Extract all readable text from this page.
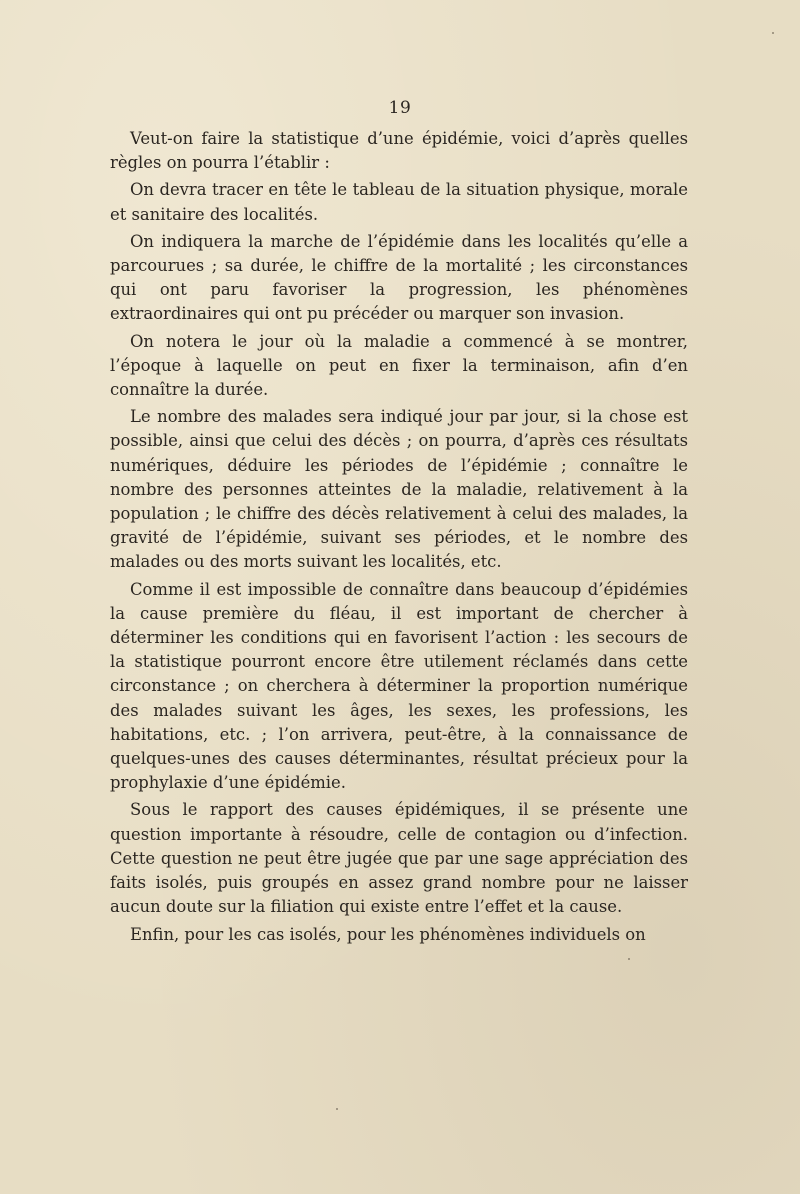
19

Veut-on faire la statistique d’une épidémie, voici d’après quelles règles on pourra l’établir :

On devra tracer en tête le tableau de la situation physique, morale et sanitaire des localités.

On indiquera la marche de l’épidémie dans les localités qu’elle a parcourues ; sa durée, le chiffre de la mortalité ; les circonstances qui ont paru favoriser la progression, les phénomènes extraordinaires qui ont pu précéder ou marquer son invasion.

On notera le jour où la maladie a commencé à se montrer, l’époque à laquelle on peut en fixer la terminaison, afin d’en connaître la durée.

Le nombre des malades sera indiqué jour par jour, si la chose est possible, ainsi que celui des décès ; on pourra, d’après ces résultats numériques, déduire les périodes de l’épidémie ; connaître le nombre des personnes atteintes de la maladie, relativement à la population ; le chiffre des décès relativement à celui des malades, la gravité de l’épidémie, suivant ses périodes, et le nombre des malades ou des morts suivant les localités, etc.

Comme il est impossible de connaître dans beaucoup d’épidémies la cause première du fléau, il est important de chercher à déterminer les conditions qui en favorisent l’action : les secours de la statistique pourront encore être utilement réclamés dans cette circonstance ; on cherchera à déterminer la proportion numérique des malades suivant les âges, les sexes, les professions, les habitations, etc. ; l’on arrivera, peut-être, à la connaissance de quelques-unes des causes déterminantes, résultat précieux pour la prophylaxie d’une épidémie.

Sous le rapport des causes épidémiques, il se présente une question importante à résoudre, celle de contagion ou d’infection. Cette question ne peut être jugée que par une sage appréciation des faits isolés, puis groupés en assez grand nombre pour ne laisser aucun doute sur la filiation qui existe entre l’effet et la cause.

Enfin, pour les cas isolés, pour les phénomènes individuels on
